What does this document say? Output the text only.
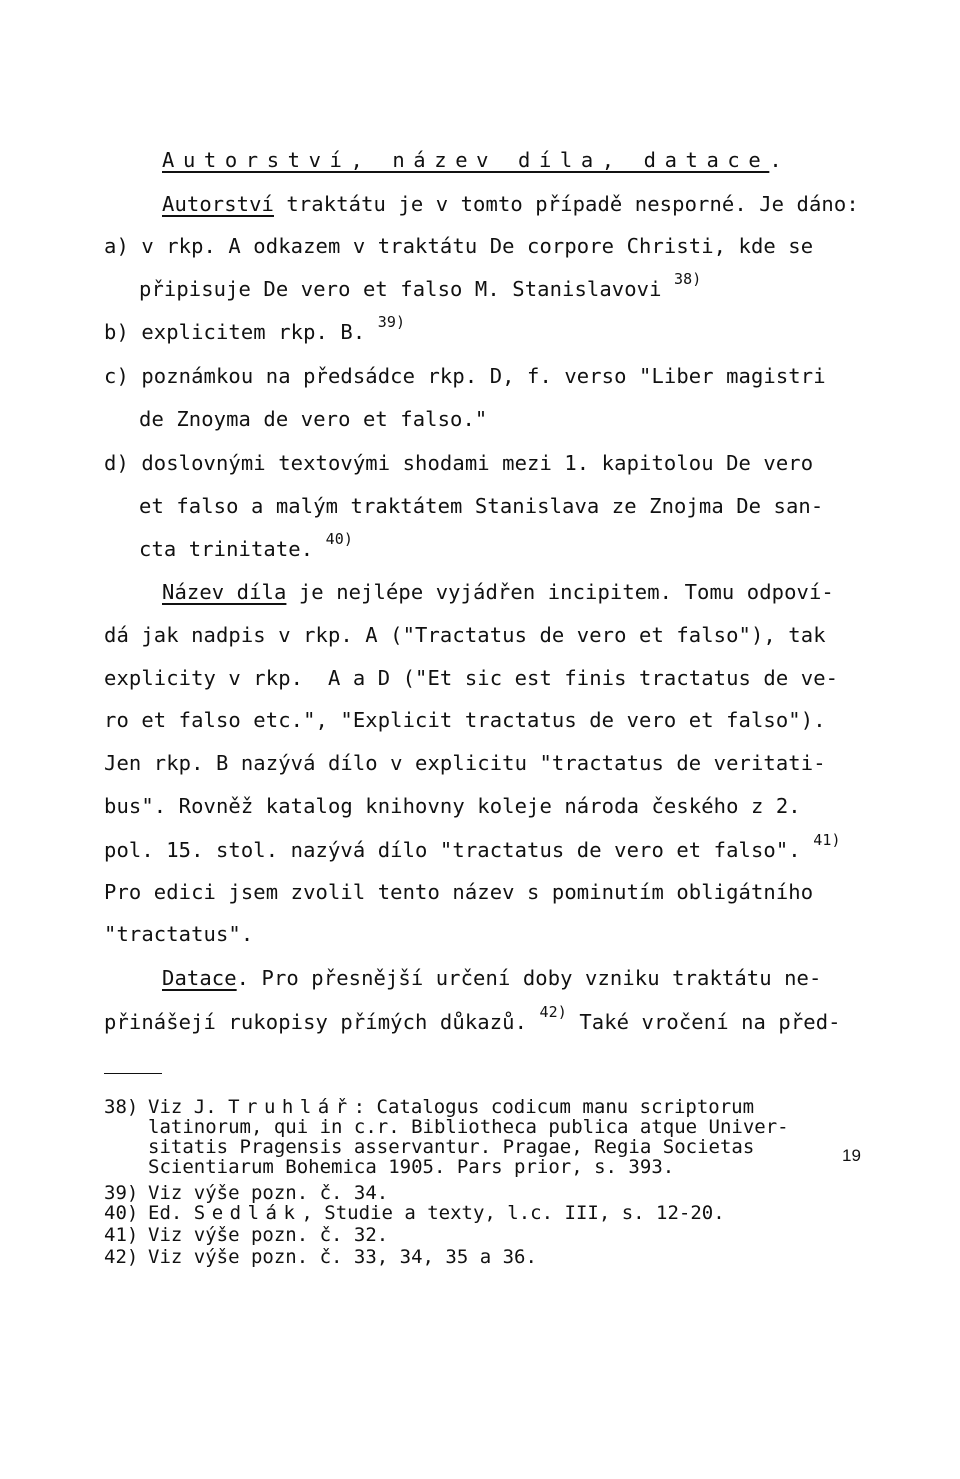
Autorství, název díla, datace.
Autorství traktátu je v tomto případě nesporné. Je dáno:
a) v rkp. A odkazem v traktátu De corpore Christi, kde se
připisuje De vero et falso M. Stanislavovi $^{38)}$
b) explicitem rkp. B. $^{39)}$
c) poznámkou na předsádce rkp. D, f. verso "Liber magistri
de Znoyma de vero et falso."
d) doslovnými textovými shodami mezi 1. kapitolou De vero
et falso a malým traktátem Stanislava ze Znojma De san-
cta trinitate. $^{40)}$
Název díla je nejlépe vyjádřen incipitem. Tomu odpoví-
dá jak nadpis v rkp. A ("Tractatus de vero et falso"), tak
explicity v rkp.  A a D ("Et sic est finis tractatus de ve-
ro et falso etc.", "Explicit tractatus de vero et falso").
Jen rkp. B nazývá dílo v explicitu "tractatus de veritati-
bus". Rovněž katalog knihovny koleje národa českého z 2.
pol. 15. stol. nazývá dílo "tractatus de vero et falso". $^{41)}$
Pro edici jsem zvolil tento název s pominutím obligátního
"tractatus".
Datace. Pro přesnější určení doby vzniku traktátu ne-
přinášejí rukopisy přímých důkazů. $^{42)}$ Také vročení na před-
38) Viz J. Truhlář: Catalogus codicum manu scriptorum
latinorum, qui in c.r. Bibliotheca publica atque Univer-
sitatis Pragensis asservantur. Pragae, Regia Societas
Scientiarum Bohemica 1905. Pars prior, s. 393.
39) Viz výše pozn. č. 34.
40) Ed. Sedlák, Studie a texty, l.c. III, s. 12-20.
41) Viz výše pozn. č. 32.
42) Viz výše pozn. č. 33, 34, 35 a 36.
19
